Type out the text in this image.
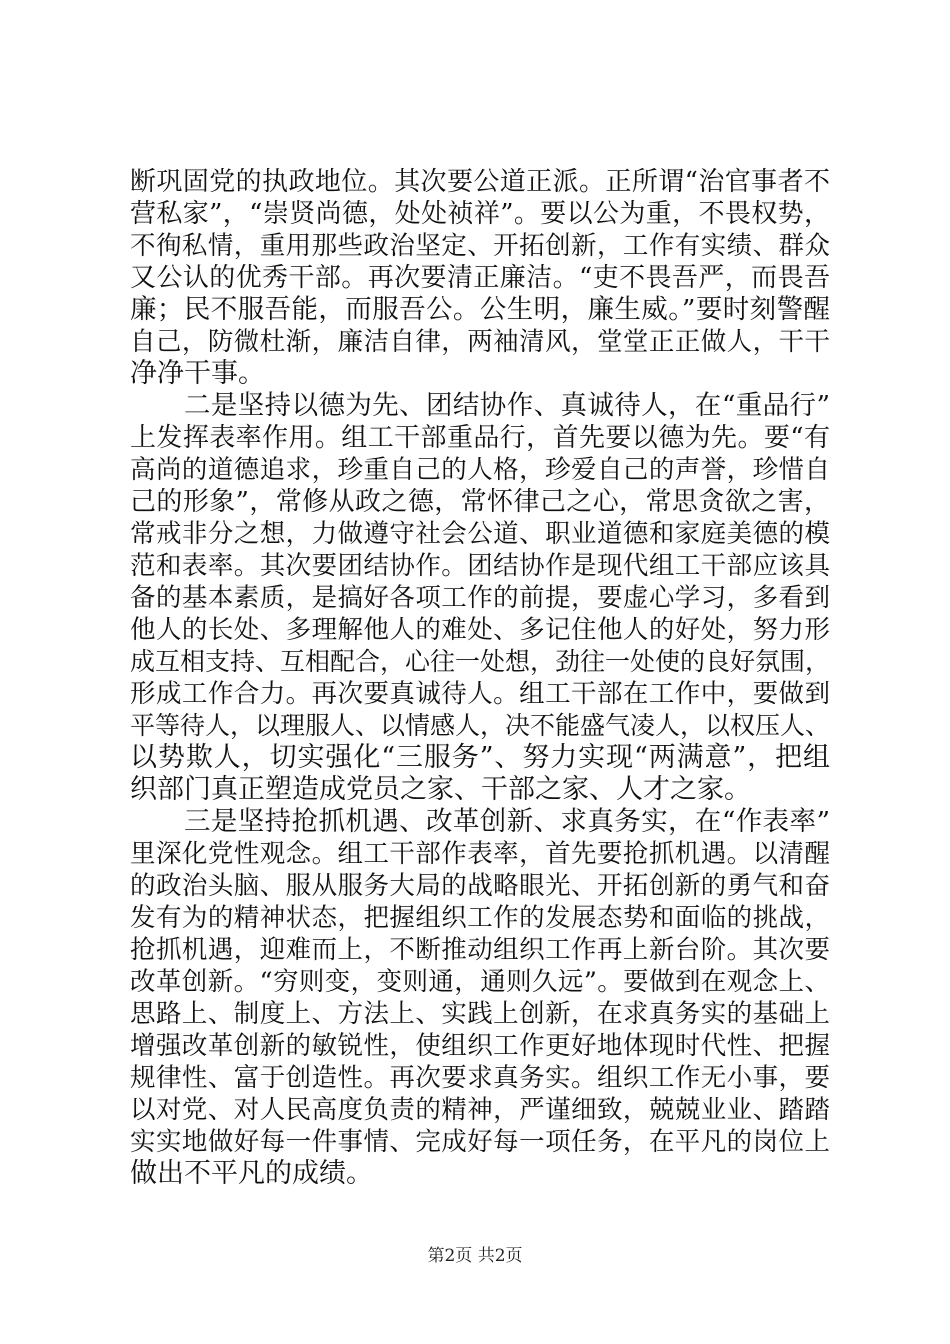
断巩固党的执政地位。其次要公道正派。正所谓“治官事者不
营私家”，“崇贤尚德，处处祯祥”。要以公为重，不畏权势，
不徇私情，重用那些政治坚定、开拓创新，工作有实绩、群众
又公认的优秀干部。再次要清正廉洁。“吏不畏吾严，而畏吾
廉；民不服吾能，而服吾公。公生明，廉生威。”要时刻警醒
自己，防微杜渐，廉洁自律，两袖清风，堂堂正正做人，干干
净净干事。
二是坚持以德为先、团结协作、真诚待人，在“重品行”
上发挥表率作用。组工干部重品行，首先要以德为先。要“有
高尚的道德追求，珍重自己的人格，珍爱自己的声誉，珍惜自
己的形象”，常修从政之德，常怀律己之心，常思贪欲之害，
常戒非分之想，力做遵守社会公道、职业道德和家庭美德的模
范和表率。其次要团结协作。团结协作是现代组工干部应该具
备的基本素质，是搞好各项工作的前提，要虚心学习，多看到
他人的长处、多理解他人的难处、多记住他人的好处，努力形
成互相支持、互相配合，心往一处想，劲往一处使的良好氛围，
形成工作合力。再次要真诚待人。组工干部在工作中，要做到
平等待人，以理服人、以情感人，决不能盛气凌人，以权压人、
以势欺人，切实强化“三服务”、努力实现“两满意”，把组
织部门真正塑造成党员之家、干部之家、人才之家。
三是坚持抢抓机遇、改革创新、求真务实，在“作表率”
里深化党性观念。组工干部作表率，首先要抢抓机遇。以清醒
的政治头脑、服从服务大局的战略眼光、开拓创新的勇气和奋
发有为的精神状态，把握组织工作的发展态势和面临的挑战，
抢抓机遇，迎难而上，不断推动组织工作再上新台阶。其次要
改革创新。“穷则变，变则通，通则久远”。要做到在观念上、
思路上、制度上、方法上、实践上创新，在求真务实的基础上
增强改革创新的敏锐性，使组织工作更好地体现时代性、把握
规律性、富于创造性。再次要求真务实。组织工作无小事，要
以对党、对人民高度负责的精神，严谨细致，兢兢业业、踏踏
实实地做好每一件事情、完成好每一项任务，在平凡的岗位上
做出不平凡的成绩。
第2页 共2页
